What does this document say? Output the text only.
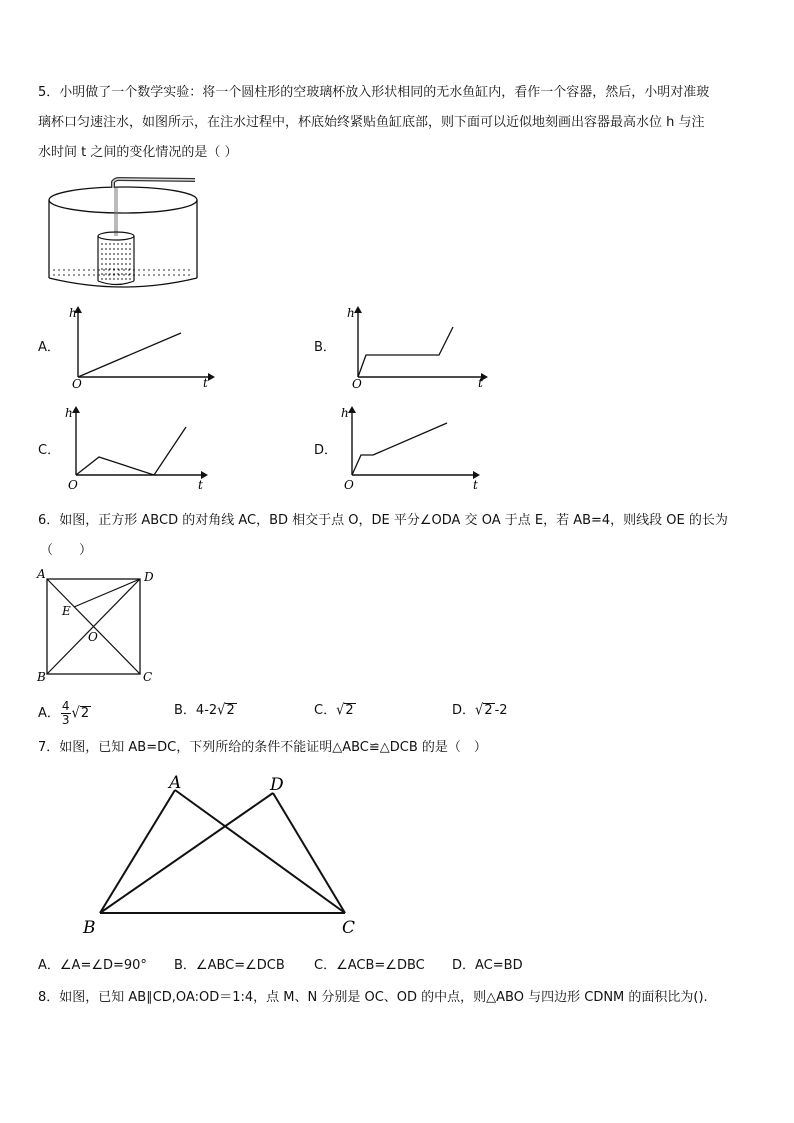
5．小明做了一个数学实验：将一个圆柱形的空玻璃杯放入形状相同的无水鱼缸内，看作一个容器，然后，小明对准玻
璃杯口匀速注水，如图所示，在注水过程中，杯底始终紧贴鱼缸底部，则下面可以近似地刻画出容器最高水位 h 与注
水时间 t 之间的变化情况的是（ ）
A．
h
t
O
B．
h
t
O
C．
h
t
O
D．
h
t
O
6．如图，正方形 ABCD 的对角线 AC，BD 相交于点 O，DE 平分∠ODA 交 OA 于点 E，若 AB=4，则线段 OE 的长为
（　　）
A	D
B	C
E
O
A． $\frac{4}{3} √2$	B．4-2√2	C．√2	D．√2 -2
7．如图，已知 AB=DC，下列所给的条件不能证明△ABC≌△DCB 的是（　）
A	D
B	C
A．∠A=∠D=90° B．∠ABC=∠DCB C．∠ACB=∠DBC D．AC=BD
8．如图，已知 AB∥CD,OA:OD＝1:4，点 M、N 分别是 OC、OD 的中点，则△ABO 与四边形 CDNM 的面积比为().
